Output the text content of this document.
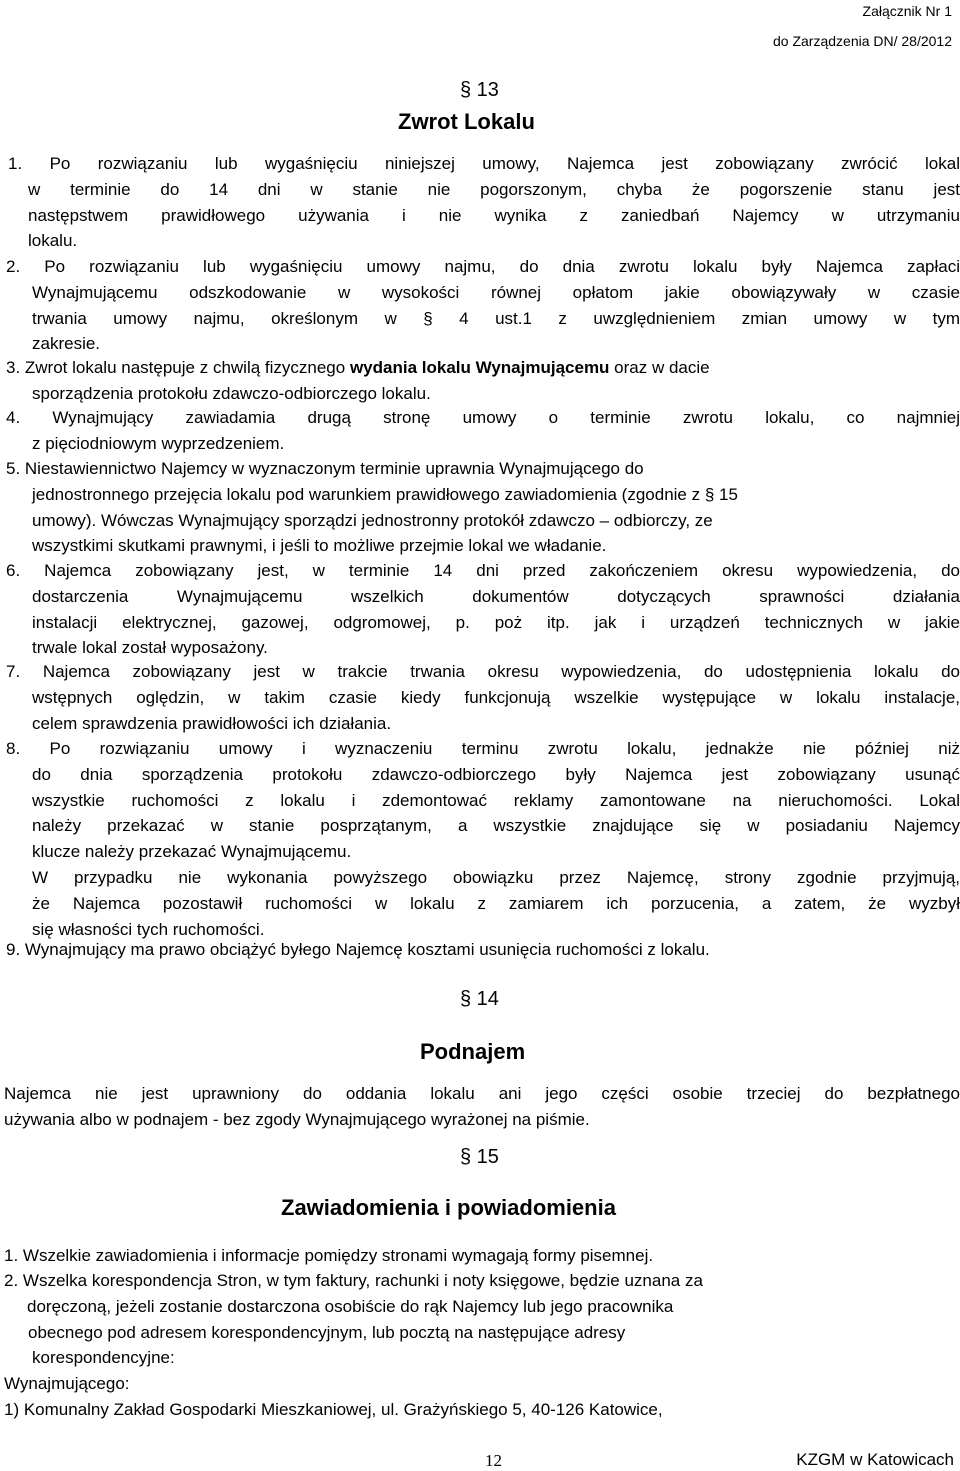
Załącznik Nr 1
do Zarządzenia DN/ 28/2012
§ 13
Zwrot Lokalu

1. Po rozwiązaniu lub wygaśnięciu niniejszej umowy, Najemca jest zobowiązany zwrócić lokal

w terminie do 14 dni w stanie nie pogorszonym, chyba że pogorszenie stanu jest

następstwem prawidłowego używania i nie wynika z zaniedbań Najemcy w utrzymaniu

lokalu.

2. Po rozwiązaniu lub wygaśnięciu umowy najmu, do dnia zwrotu lokalu były Najemca zapłaci

Wynajmującemu odszkodowanie w wysokości równej opłatom jakie obowiązywały w czasie

trwania umowy najmu, określonym w § 4 ust.1 z uwzględnieniem zmian umowy w tym

zakresie.

3. Zwrot lokalu następuje z chwilą fizycznego wydania lokalu Wynajmującemu oraz w dacie

sporządzenia protokołu zdawczo-odbiorczego lokalu.

4. Wynajmujący zawiadamia drugą stronę umowy o terminie zwrotu lokalu, co najmniej

z pięciodniowym wyprzedzeniem.

5. Niestawiennictwo Najemcy w wyznaczonym terminie uprawnia Wynajmującego do

jednostronnego przejęcia lokalu pod warunkiem prawidłowego zawiadomienia (zgodnie z § 15

umowy). Wówczas Wynajmujący sporządzi jednostronny protokół zdawczo – odbiorczy, ze

wszystkimi skutkami prawnymi, i jeśli to możliwe przejmie lokal we władanie.

6. Najemca zobowiązany jest, w terminie 14 dni przed zakończeniem okresu wypowiedzenia, do

dostarczenia Wynajmującemu wszelkich dokumentów dotyczących sprawności działania

instalacji elektrycznej, gazowej, odgromowej, p. poż itp. jak i urządzeń technicznych w jakie

trwale lokal został wyposażony.

7. Najemca zobowiązany jest w trakcie trwania okresu wypowiedzenia, do udostępnienia lokalu do

wstępnych oględzin, w takim czasie kiedy funkcjonują wszelkie występujące w lokalu instalacje,

celem sprawdzenia prawidłowości ich działania.

8. Po rozwiązaniu umowy i wyznaczeniu terminu zwrotu lokalu, jednakże nie później niż

do dnia sporządzenia protokołu zdawczo-odbiorczego były Najemca jest zobowiązany usunąć

wszystkie ruchomości z lokalu i zdemontować reklamy zamontowane na nieruchomości. Lokal

należy przekazać w stanie posprzątanym, a wszystkie znajdujące się w posiadaniu Najemcy

klucze należy przekazać Wynajmującemu.

W przypadku nie wykonania powyższego obowiązku przez Najemcę, strony zgodnie przyjmują,

że Najemca pozostawił ruchomości w lokalu z zamiarem ich porzucenia, a zatem, że wyzbył

się własności tych ruchomości.

9. Wynajmujący ma prawo obciążyć byłego Najemcę kosztami usunięcia ruchomości z lokalu.

§ 14
Podnajem

Najemca nie jest uprawniony do oddania lokalu ani jego części osobie trzeciej do bezpłatnego

używania albo w podnajem - bez zgody Wynajmującego wyrażonej na piśmie.

§ 15
Zawiadomienia i powiadomienia

1. Wszelkie zawiadomienia i informacje pomiędzy stronami wymagają formy pisemnej.

2. Wszelka korespondencja Stron, w tym faktury, rachunki i noty księgowe, będzie uznana za

doręczoną, jeżeli zostanie dostarczona osobiście do rąk Najemcy lub jego pracownika

obecnego pod adresem korespondencyjnym, lub pocztą na następujące adresy

korespondencyjne:

Wynajmującego:

1) Komunalny Zakład Gospodarki Mieszkaniowej, ul. Grażyńskiego 5, 40-126 Katowice,

12	KZGM w Katowicach
